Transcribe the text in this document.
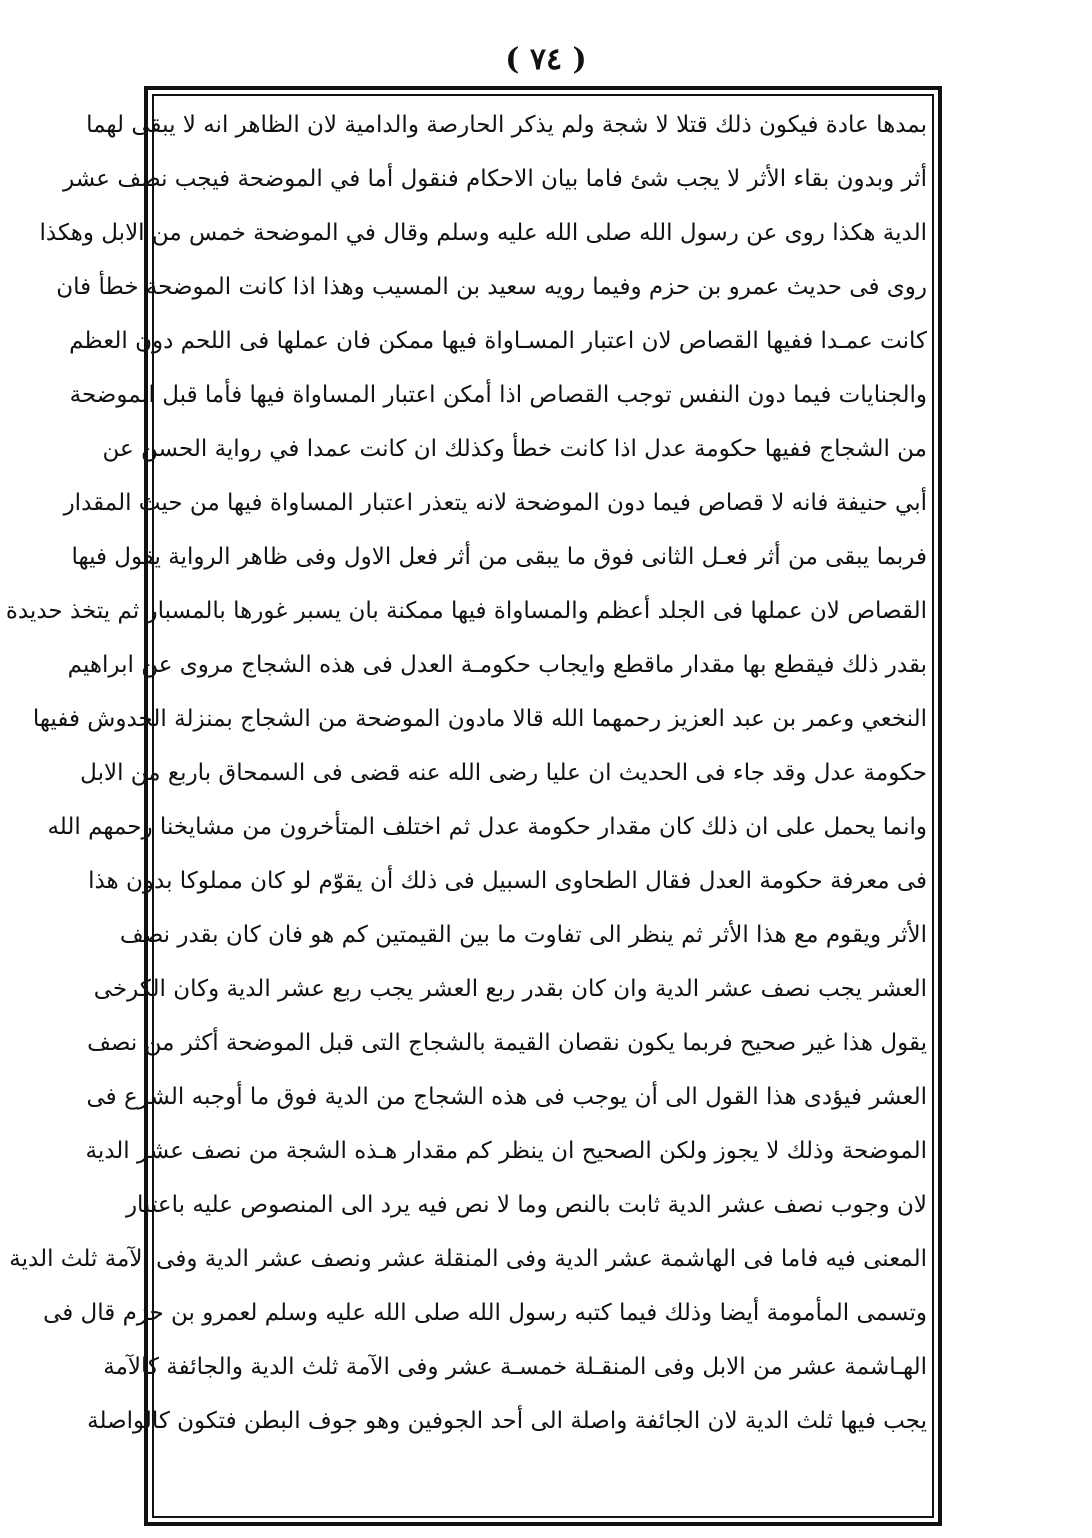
( ٧٤ )
بمدها عادة فيكون ذلك قتلا لا شجة ولم يذكر الحارصة والدامية لان الظاهر انه لا يبقى لهما
أثر وبدون بقاء الأثر لا يجب شئ فاما بيان الاحكام فنقول أما في الموضحة فيجب نصف عشر
الدية هكذا روى عن رسول الله صلى الله عليه وسلم وقال في الموضحة خمس من الابل وهكذا
روى فى حديث عمرو بن حزم وفيما رويه سعيد بن المسيب وهذا اذا كانت الموضحة خطأ فان
كانت عمـدا ففيها القصاص لان اعتبار المسـاواة فيها ممكن فان عملها فى اللحم دون العظم
والجنايات فيما دون النفس توجب القصاص اذا أمكن اعتبار المساواة فيها فأما قبل الموضحة
من الشجاج ففيها حكومة عدل اذا كانت خطأ وكذلك ان كانت عمدا في رواية الحسن عن
أبي حنيفة فانه لا قصاص فيما دون الموضحة لانه يتعذر اعتبار المساواة فيها من حيث المقدار
فربما يبقى من أثر فعـل الثانى فوق ما يبقى من أثر فعل الاول وفى ظاهر الرواية يقول فيها
القصاص لان عملها فى الجلد أعظم والمساواة فيها ممكنة بان يسبر غورها بالمسبار ثم يتخذ حديدة
بقدر ذلك فيقطع بها مقدار ماقطع وايجاب حكومـة العدل فى هذه الشجاج مروى عن ابراهيم
النخعي وعمر بن عبد العزيز رحمهما الله قالا مادون الموضحة من الشجاج بمنزلة الخدوش ففيها
حكومة عدل وقد جاء فى الحديث ان عليا رضى الله عنه قضى فى السمحاق باربع من الابل
وانما يحمل على ان ذلك كان مقدار حكومة عدل ثم اختلف المتأخرون من مشايخنا رحمهم الله
فى معرفة حكومة العدل فقال الطحاوى السبيل فى ذلك أن يقوّم لو كان مملوكا بدون هذا
الأثر ويقوم مع هذا الأثر ثم ينظر الى تفاوت ما بين القيمتين كم هو فان كان بقدر نصف
العشر يجب نصف عشر الدية وان كان بقدر ربع العشر يجب ربع عشر الدية وكان الكرخى
يقول هذا غير صحيح فربما يكون نقصان القيمة بالشجاج التى قبل الموضحة أكثر من نصف
العشر فيؤدى هذا القول الى أن يوجب فى هذه الشجاج من الدية فوق ما أوجبه الشرع فى
الموضحة وذلك لا يجوز ولكن الصحيح ان ينظر كم مقدار هـذه الشجة من نصف عشر الدية
لان وجوب نصف عشر الدية ثابت بالنص وما لا نص فيه يرد الى المنصوص عليه باعتبار
المعنى فيه فاما فى الهاشمة عشر الدية وفى المنقلة عشر ونصف عشر الدية وفى الآمة ثلث الدية
وتسمى المأمومة أيضا وذلك فيما كتبه رسول الله صلى الله عليه وسلم لعمرو بن حزم قال فى
الهـاشمة عشر من الابل وفى المنقـلة خمسـة عشر وفى الآمة ثلث الدية والجائفة كالآمة
يجب فيها ثلث الدية لان الجائفة واصلة الى أحد الجوفين وهو جوف البطن فتكون كالواصلة
